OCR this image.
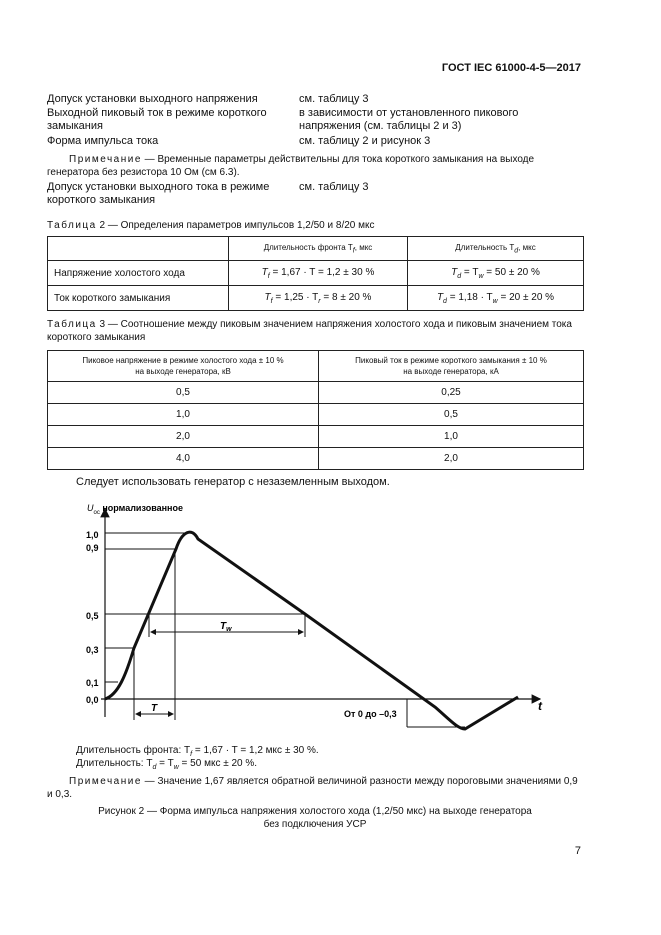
ГОСТ IEC 61000-4-5—2017
Допуск установки выходного напряжения	см. таблицу 3
Выходной пиковый ток в режиме короткого замыкания
в зависимости от установленного пикового напряжения (см. таблицы 2 и 3)
Форма импульса тока	см. таблицу 2 и рисунок 3
Примечание — Временные параметры действительны для тока короткого замыкания на выходе генератора без резистора 10 Ом (см 6.3).
Допуск установки выходного тока в режиме короткого замыкания
см. таблицу 3
Таблица 2 — Определения параметров импульсов 1,2/50 и 8/20 мкс
	Длительность фронта $T_f$, мкс	Длительность $T_d$, мкс
Напряжение холостого хода	$T_f = 1,67 \cdot T = 1,2 \pm 30$ %	$T_d = T_w = 50 \pm 20$ %
Ток короткого замыкания	$T_f = 1,25 \cdot T_r = 8 \pm 20$ %	$T_d = 1,18 \cdot T_w = 20 \pm 20$ %
Таблица 3 — Соотношение между пиковым значением напряжения холостого хода и пиковым значением тока короткого замыкания
Пиковое напряжение в режиме холостого хода ± 10 %
на выходе генератора, кВ	Пиковый ток в режиме короткого замыкания ± 10 %
на выходе генератора, кА
0,5	0,25
1,0	0,5
2,0	1,0
4,0	2,0
Следует использовать генератор с незаземленным выходом.
$U_{oc}$ нормализованное
t
1,0
0,9
0,5
0,3
0,1
0,0
T
$T_w$
От 0 до –0,3
Длительность фронта: $T_f = 1,67 \cdot T = 1,2$ мкс ± 30 %.
Длительность: $T_d = T_w = 50$ мкс ± 20 %.
Примечание — Значение 1,67 является обратной величиной разности между пороговыми значениями 0,9 и 0,3.
Рисунок 2 — Форма импульса напряжения холостого хода (1,2/50 мкс) на выходе генератора
без подключения УСР
7
